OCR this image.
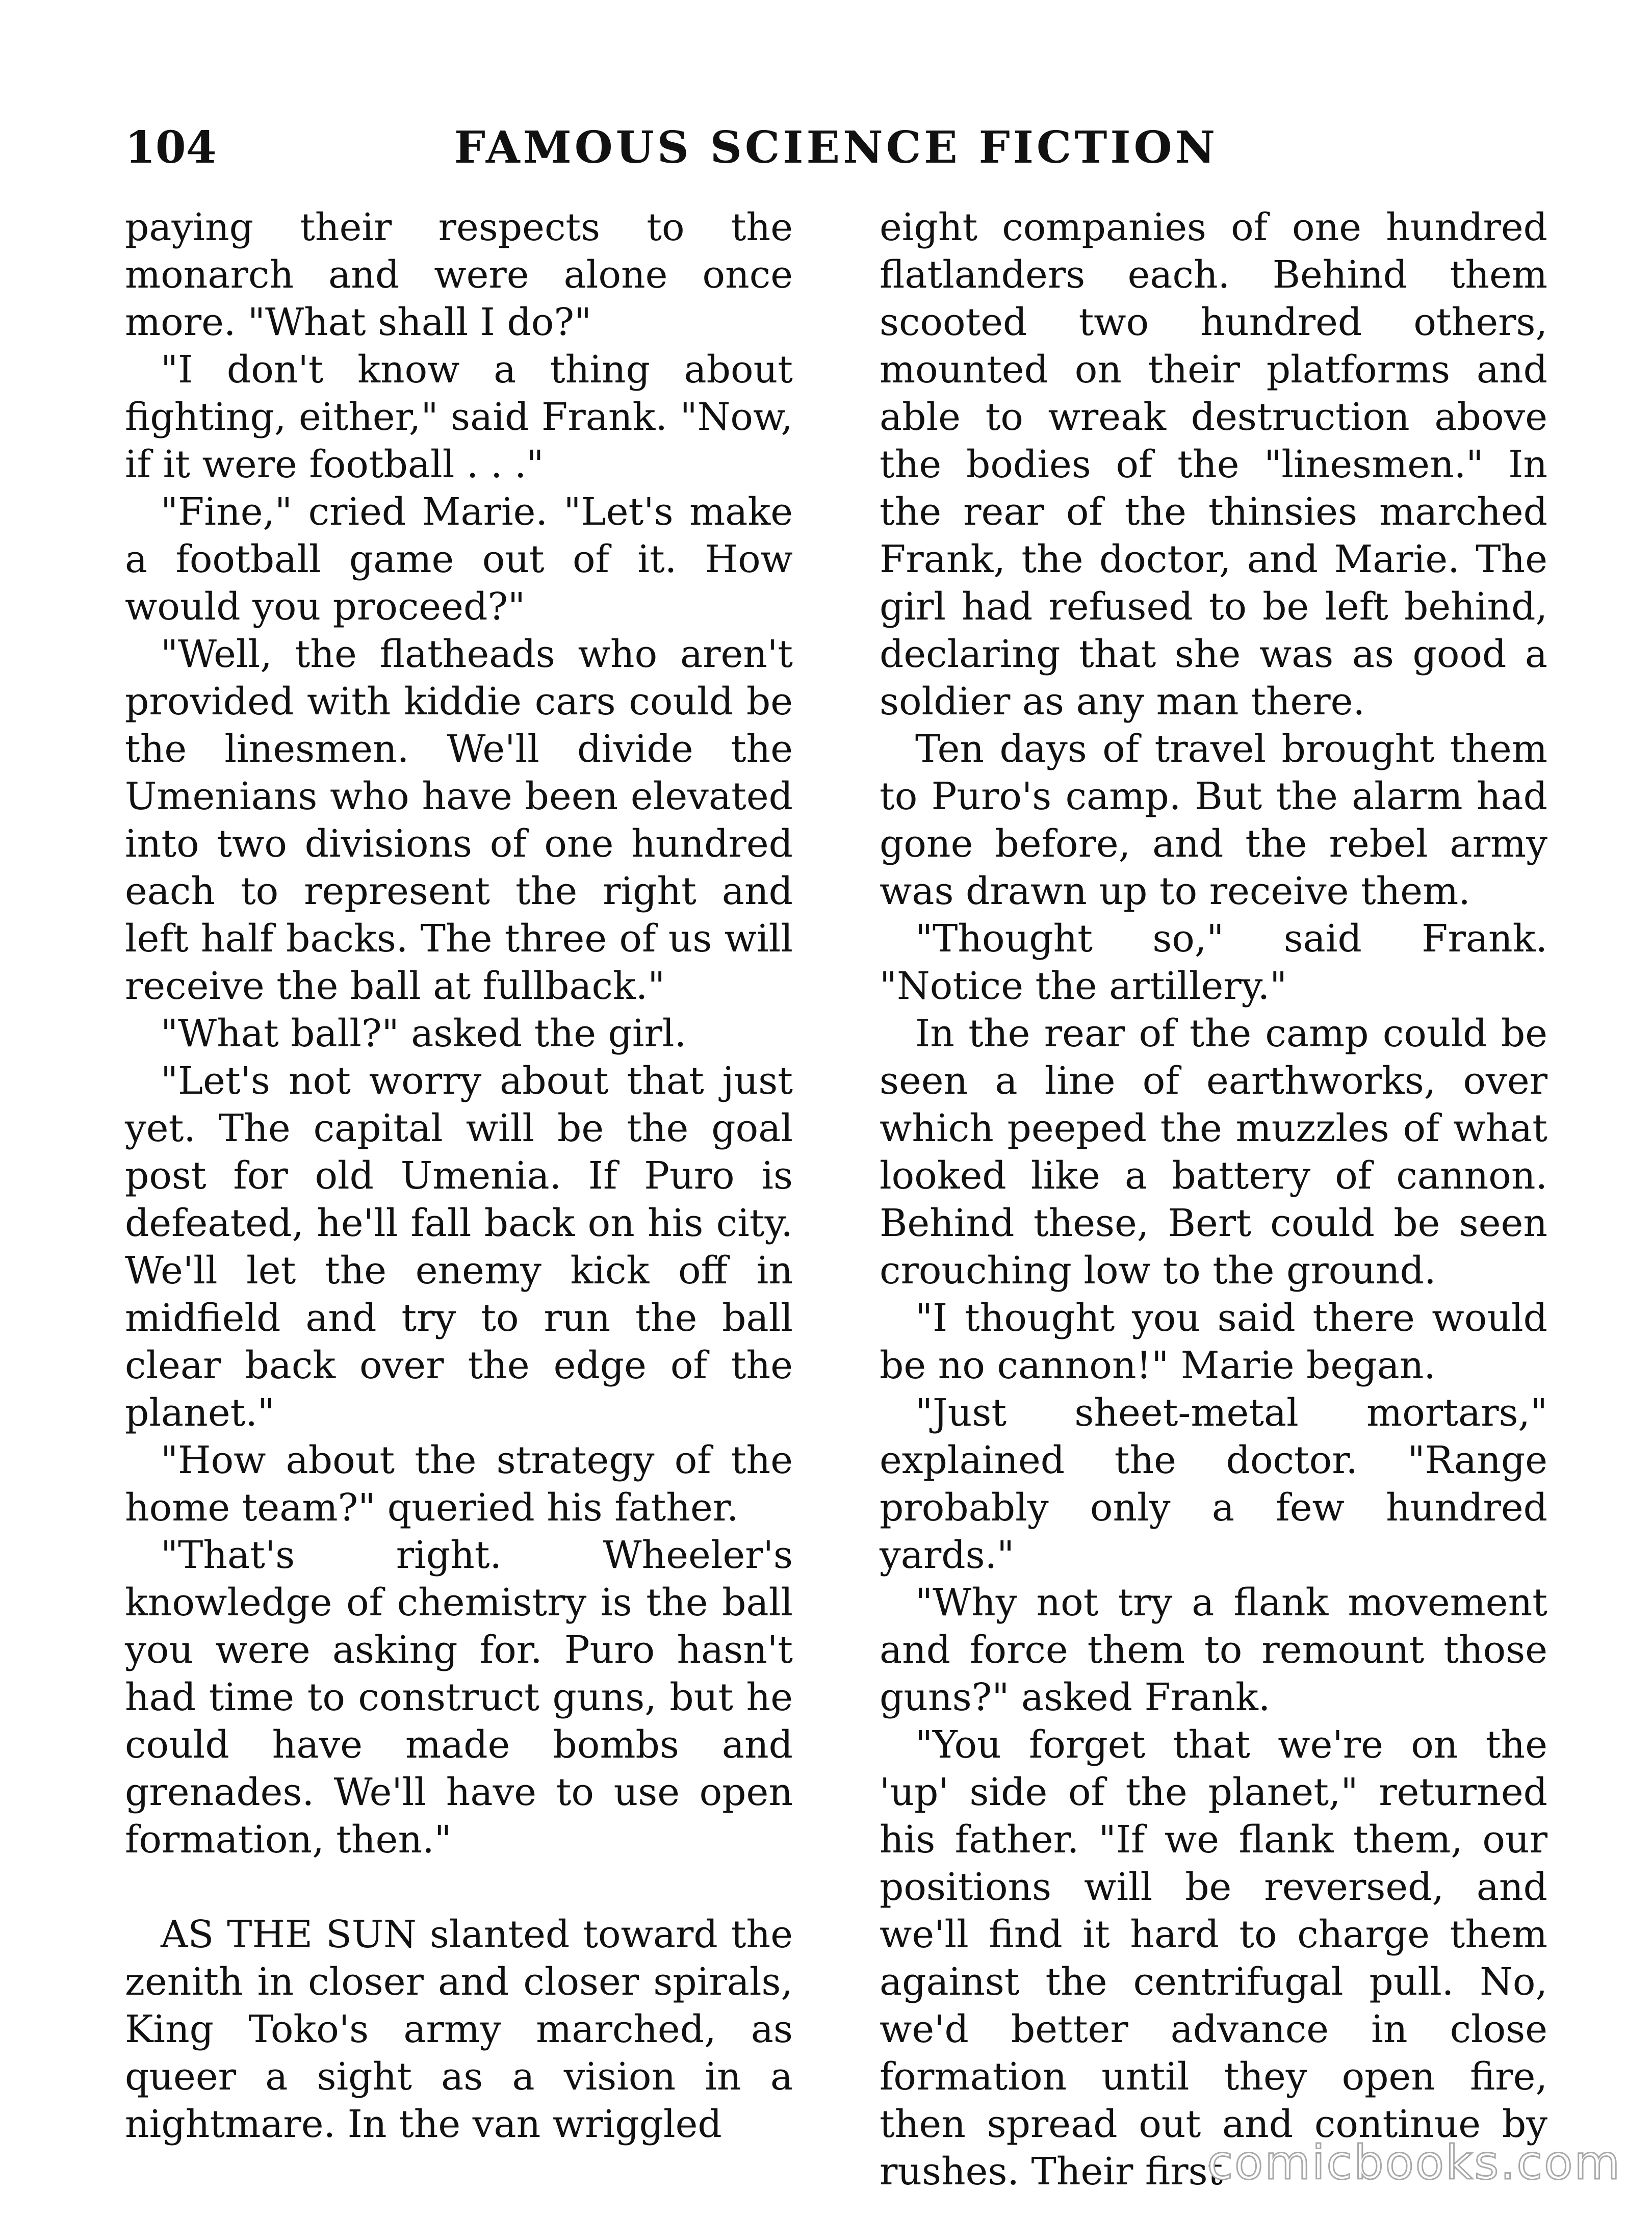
104	FAMOUS SCIENCE FICTION

paying their respects to the monarch and were alone once more. "What shall I do?"

"I don't know a thing about fighting, either," said Frank. "Now, if it were football . . ."

"Fine," cried Marie. "Let's make a football game out of it. How would you proceed?"

"Well, the flatheads who aren't provided with kiddie cars could be the linesmen. We'll divide the Umenians who have been elevated into two divisions of one hundred each to represent the right and left half backs. The three of us will receive the ball at fullback."

"What ball?" asked the girl.

"Let's not worry about that just yet. The capital will be the goal post for old Umenia. If Puro is defeated, he'll fall back on his city. We'll let the enemy kick off in midfield and try to run the ball clear back over the edge of the planet."

"How about the strategy of the home team?" queried his father.

"That's right. Wheeler's knowledge of chemistry is the ball you were asking for. Puro hasn't had time to construct guns, but he could have made bombs and grenades. We'll have to use open formation, then."

AS THE SUN slanted toward the zenith in closer and closer spirals, King Toko's army marched, as queer a sight as a vision in a nightmare. In the van wriggled

eight companies of one hundred flatlanders each. Behind them scooted two hundred others, mounted on their platforms and able to wreak destruction above the bodies of the "linesmen." In the rear of the thinsies marched Frank, the doctor, and Marie. The girl had refused to be left behind, declaring that she was as good a soldier as any man there.

Ten days of travel brought them to Puro's camp. But the alarm had gone before, and the rebel army was drawn up to receive them.

"Thought so," said Frank. "Notice the artillery."

In the rear of the camp could be seen a line of earthworks, over which peeped the muzzles of what looked like a battery of cannon. Behind these, Bert could be seen crouching low to the ground.

"I thought you said there would be no cannon!" Marie began.

"Just sheet-metal mortars," explained the doctor. "Range probably only a few hundred yards."

"Why not try a flank movement and force them to remount those guns?" asked Frank.

"You forget that we're on the 'up' side of the planet," returned his father. "If we flank them, our positions will be reversed, and we'll find it hard to charge them against the centrifugal pull. No, we'd better advance in close formation until they open fire, then spread out and continue by rushes. Their first

comicbooks.com
